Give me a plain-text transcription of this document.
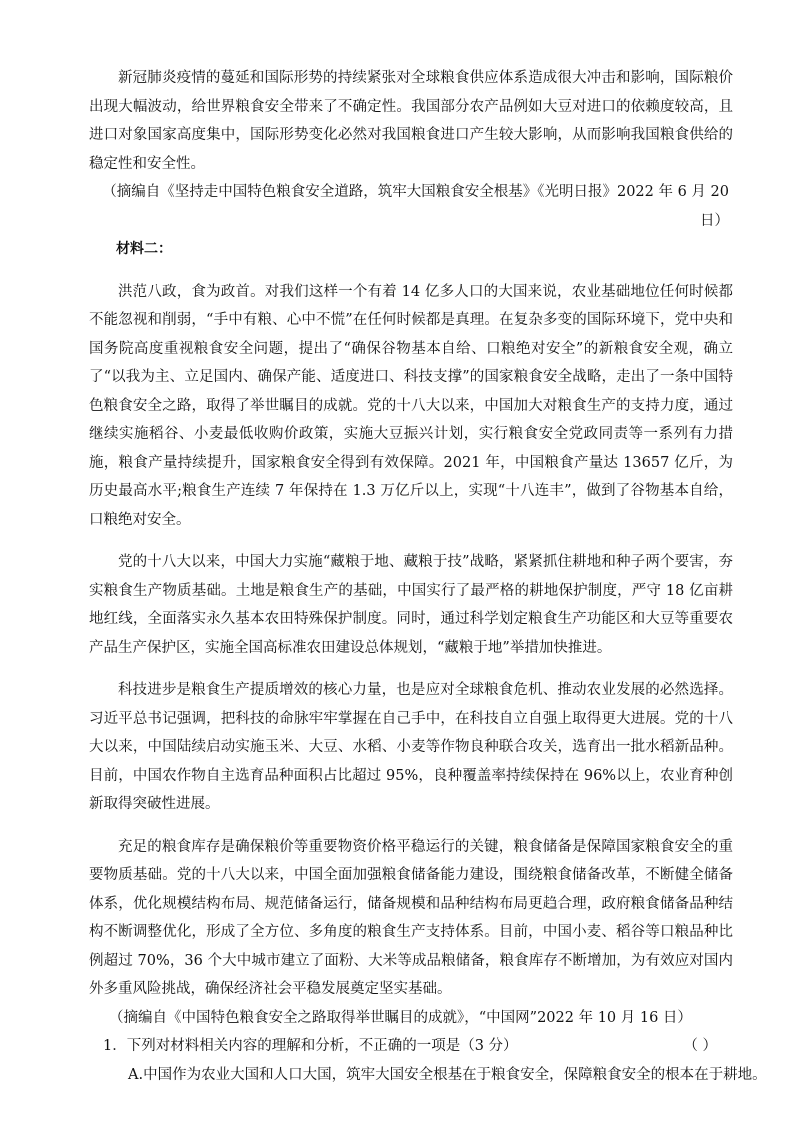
新冠肺炎疫情的蔓延和国际形势的持续紧张对全球粮食供应体系造成很大冲击和影响，国际粮价出现大幅波动，给世界粮食安全带来了不确定性。我国部分农产品例如大豆对进口的依赖度较高，且进口对象国家高度集中，国际形势变化必然对我国粮食进口产生较大影响，从而影响我国粮食供给的稳定性和安全性。

（摘编自《坚持走中国特色粮食安全道路，筑牢大国粮食安全根基》《光明日报》2022 年 6 月 20 日）

材料二：

洪范八政，食为政首。对我们这样一个有着 14 亿多人口的大国来说，农业基础地位任何时候都不能忽视和削弱，“手中有粮、心中不慌”在任何时候都是真理。在复杂多变的国际环境下，党中央和国务院高度重视粮食安全问题，提出了“确保谷物基本自给、口粮绝对安全”的新粮食安全观，确立了“以我为主、立足国内、确保产能、适度进口、科技支撑”的国家粮食安全战略，走出了一条中国特色粮食安全之路，取得了举世瞩目的成就。党的十八大以来，中国加大对粮食生产的支持力度，通过继续实施稻谷、小麦最低收购价政策，实施大豆振兴计划，实行粮食安全党政同责等一系列有力措施，粮食产量持续提升，国家粮食安全得到有效保障。2021 年，中国粮食产量达 13657 亿斤，为历史最高水平;粮食生产连续 7 年保持在 1.3 万亿斤以上，实现“十八连丰”，做到了谷物基本自给，口粮绝对安全。

党的十八大以来，中国大力实施“藏粮于地、藏粮于技”战略，紧紧抓住耕地和种子两个要害，夯实粮食生产物质基础。土地是粮食生产的基础，中国实行了最严格的耕地保护制度，严守 18 亿亩耕地红线，全面落实永久基本农田特殊保护制度。同时，通过科学划定粮食生产功能区和大豆等重要农产品生产保护区，实施全国高标准农田建设总体规划，“藏粮于地”举措加快推进。

科技进步是粮食生产提质增效的核心力量，也是应对全球粮食危机、推动农业发展的必然选择。习近平总书记强调，把科技的命脉牢牢掌握在自己手中，在科技自立自强上取得更大进展。党的十八大以来，中国陆续启动实施玉米、大豆、水稻、小麦等作物良种联合攻关，选育出一批水稻新品种。目前，中国农作物自主选育品种面积占比超过 95%，良种覆盖率持续保持在 96%以上，农业育种创新取得突破性进展。

充足的粮食库存是确保粮价等重要物资价格平稳运行的关键，粮食储备是保障国家粮食安全的重要物质基础。党的十八大以来，中国全面加强粮食储备能力建设，围绕粮食储备改革，不断健全储备体系，优化规模结构布局、规范储备运行，储备规模和品种结构布局更趋合理，政府粮食储备品种结构不断调整优化，形成了全方位、多角度的粮食生产支持体系。目前，中国小麦、稻谷等口粮品种比例超过 70%，36 个大中城市建立了面粉、大米等成品粮储备，粮食库存不断增加，为有效应对国内外多重风险挑战，确保经济社会平稳发展奠定坚实基础。

（摘编自《中国特色粮食安全之路取得举世瞩目的成就》，“中国网”2022 年 10 月 16 日）

1．下列对材料相关内容的理解和分析，不正确的一项是（3 分）	（ ）

A.中国作为农业大国和人口大国，筑牢大国安全根基在于粮食安全，保障粮食安全的根本在于耕地。
